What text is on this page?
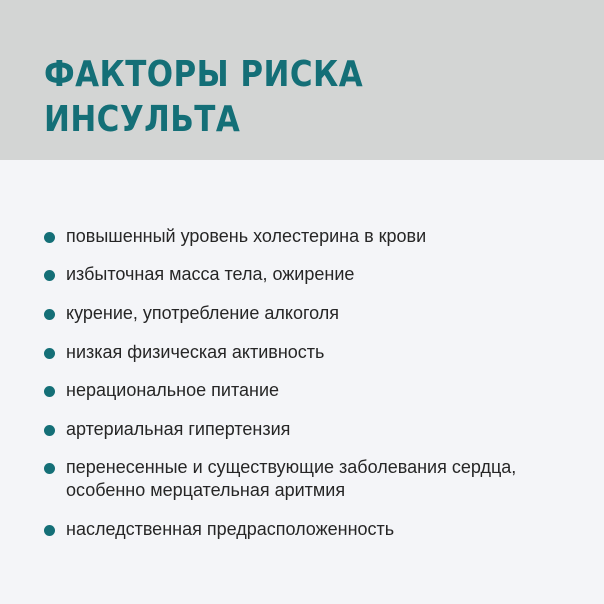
ФАКТОРЫ РИСКА
ИНСУЛЬТА
повышенный уровень холестерина в крови
избыточная масса тела, ожирение
курение, употребление алкоголя
низкая физическая активность
нерациональное питание
артериальная гипертензия
перенесенные и существующие заболевания сердца,
особенно мерцательная аритмия
наследственная предрасположенность
